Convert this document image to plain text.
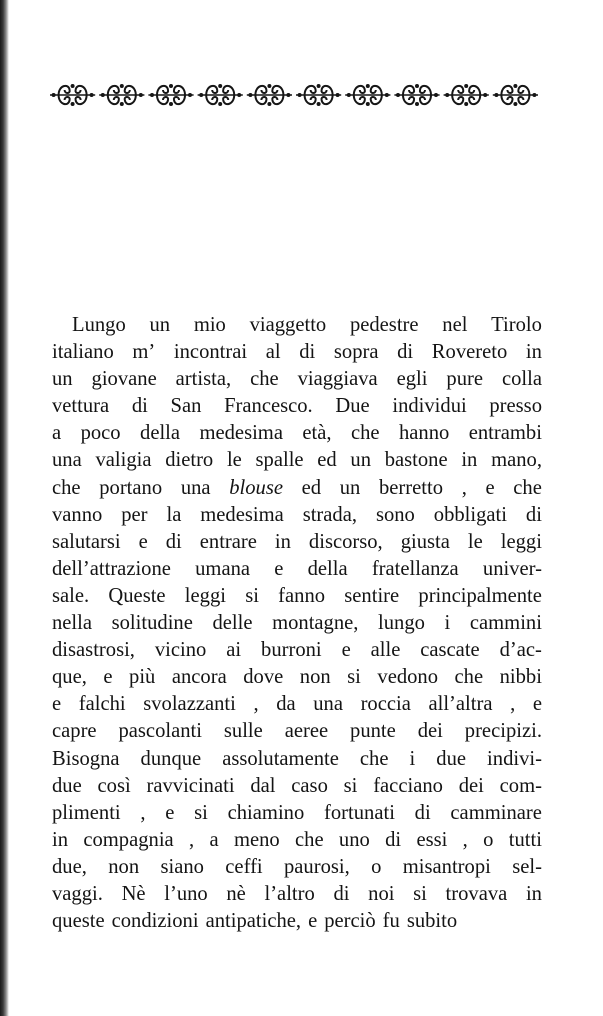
Lungo un mio viaggetto pedestre nel Tirolo
italiano m’ incontrai al di sopra di Rovereto in
un giovane artista, che viaggiava egli pure colla
vettura di San Francesco. Due individui presso
a poco della medesima età, che hanno entrambi
una valigia dietro le spalle ed un bastone in mano,
che portano una blouse ed un berretto , e che
vanno per la medesima strada, sono obbligati di
salutarsi e di entrare in discorso, giusta le leggi
dell’attrazione umana e della fratellanza univer-
sale. Queste leggi si fanno sentire principalmente
nella solitudine delle montagne, lungo i cammini
disastrosi, vicino ai burroni e alle cascate d’ac-
que, e più ancora dove non si vedono che nibbi
e falchi svolazzanti , da una roccia all’altra , e
capre pascolanti sulle aeree punte dei precipizi.
Bisogna dunque assolutamente che i due indivi-
due così ravvicinati dal caso si facciano dei com-
plimenti , e si chiamino fortunati di camminare
in compagnia , a meno che uno di essi , o tutti
due, non siano ceffi paurosi, o misantropi sel-
vaggi. Nè l’uno nè l’altro di noi si trovava in
queste condizioni antipatiche, e perciò fu subito
